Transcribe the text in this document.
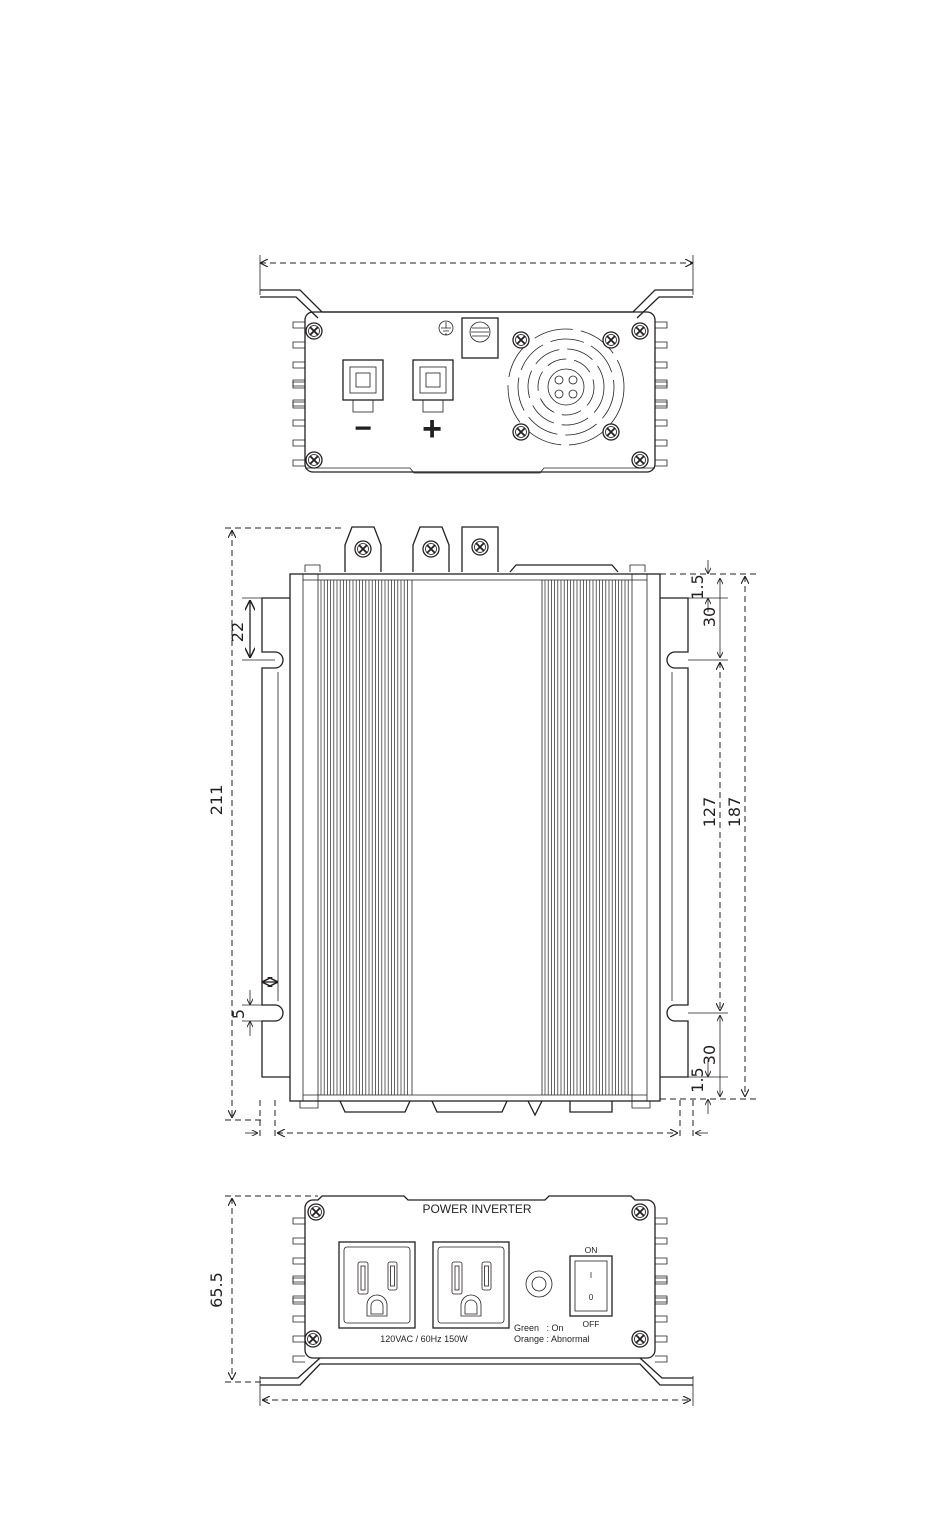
− +
211
22
5
187
127
30
1.5
30
1.5
POWER INVERTER
120VAC / 60Hz 150W
Green   : On
Orange : Abnormal
ON
I
0
OFF
65.5
